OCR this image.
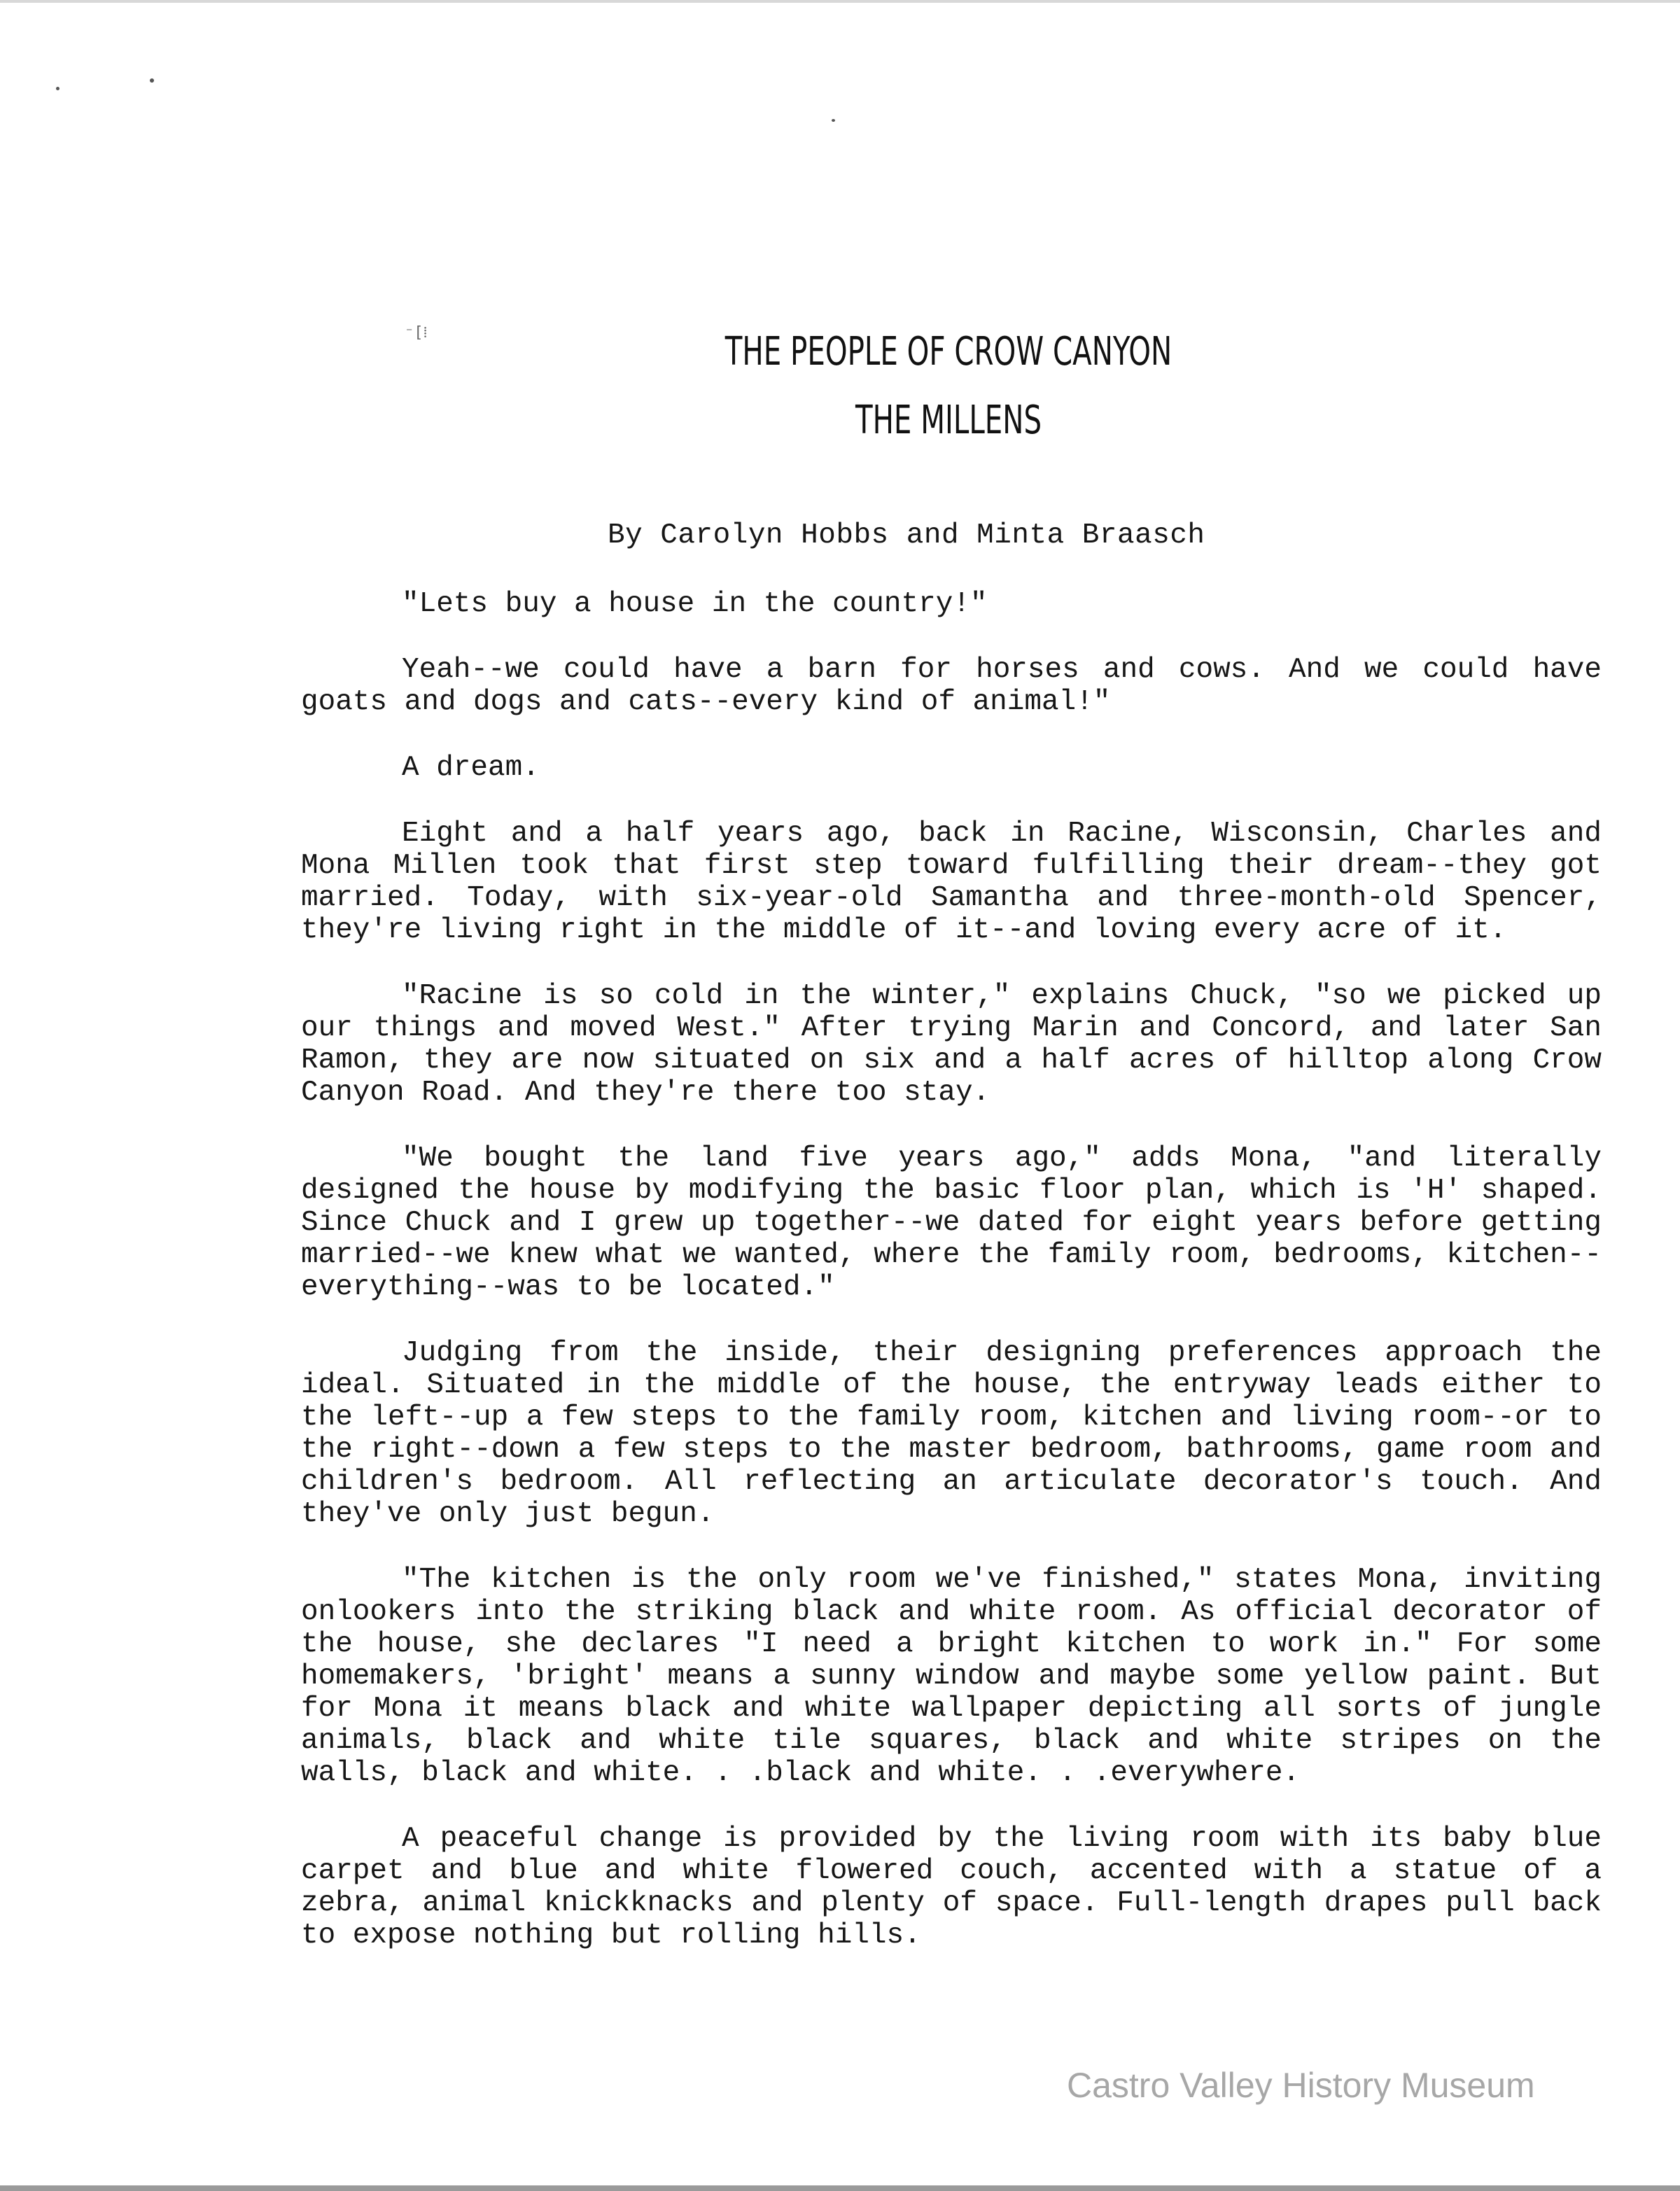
⁻[⁞	THE PEOPLE OF CROW CANYON
THE MILLENS
By Carolyn Hobbs and Minta Braasch

"Lets buy a house in the country!"

Yeah--we could have a barn for horses and cows. And we could have goats and dogs and cats--every kind of animal!"

A dream.

Eight and a half years ago, back in Racine, Wisconsin, Charles and Mona Millen took that first step toward fulfilling their dream--they got married. Today, with six-year-old Samantha and three-month-old Spencer, they're living right in the middle of it--and loving every acre of it.

"Racine is so cold in the winter," explains Chuck, "so we picked up our things and moved West." After trying Marin and Concord, and later San Ramon, they are now situated on six and a half acres of hilltop along Crow Canyon Road. And they're there too stay.

"We bought the land five years ago," adds Mona, "and literally designed the house by modifying the basic floor plan, which is 'H' shaped. Since Chuck and I grew up together--we dated for eight years before getting married--we knew what we wanted, where the family room, bedrooms, kitchen--everything--was to be located."

Judging from the inside, their designing preferences approach the ideal. Situated in the middle of the house, the entryway leads either to the left--up a few steps to the family room, kitchen and living room--or to the right--down a few steps to the master bedroom, bathrooms, game room and children's bedroom. All reflecting an articulate decorator's touch. And they've only just begun.

"The kitchen is the only room we've finished," states Mona, inviting onlookers into the striking black and white room. As official decorator of the house, she declares "I need a bright kitchen to work in." For some homemakers, 'bright' means a sunny window and maybe some yellow paint. But for Mona it means black and white wallpaper depicting all sorts of jungle animals, black and white tile squares, black and white stripes on the walls, black and white. . .black and white. . .everywhere.

A peaceful change is provided by the living room with its baby blue carpet and blue and white flowered couch, accented with a statue of a zebra, animal knickknacks and plenty of space. Full-length drapes pull back to expose nothing but rolling hills.

Castro Valley History Museum
